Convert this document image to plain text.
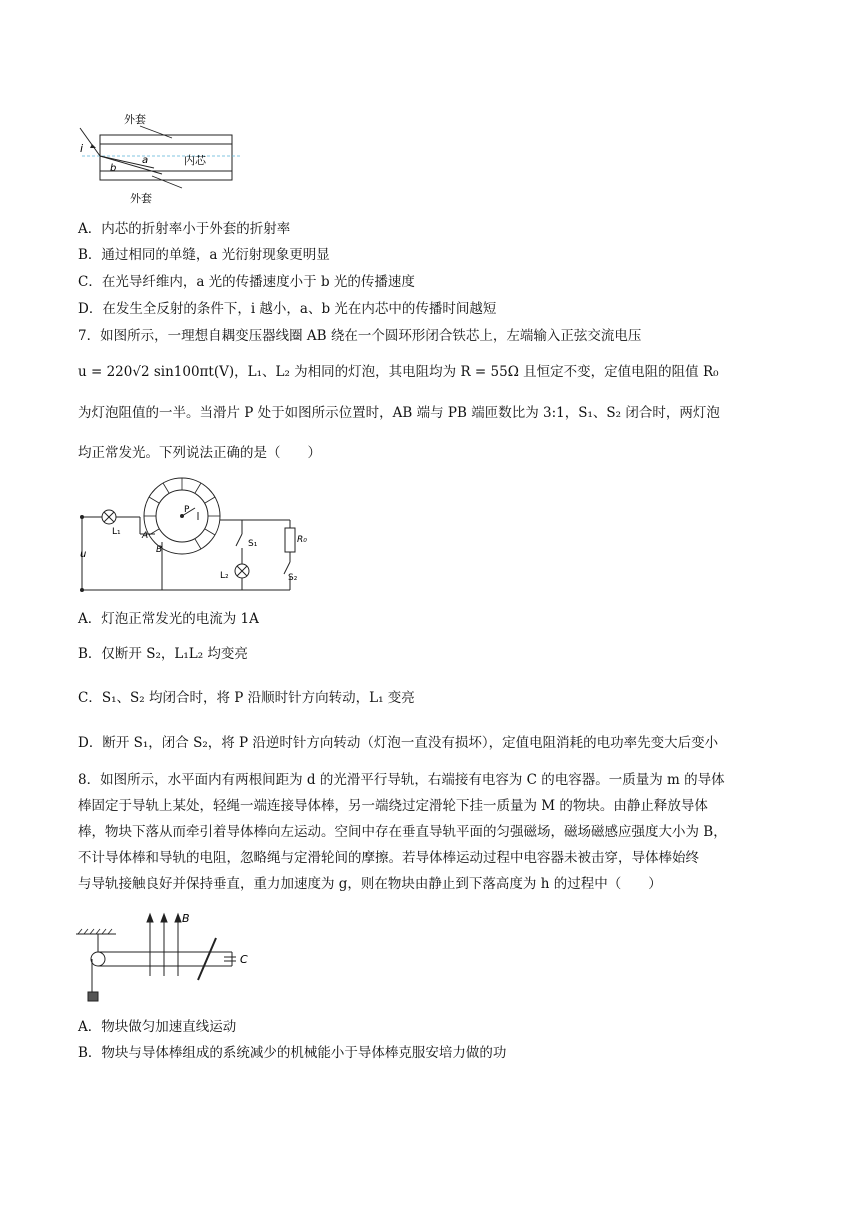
外套
i
a
b
内芯
外套
A．内芯的折射率小于外套的折射率
B．通过相同的单缝，a 光衍射现象更明显
C．在光导纤维内，a 光的传播速度小于 b 光的传播速度
D．在发生全反射的条件下，i 越小，a、b 光在内芯中的传播时间越短
7．如图所示，一理想自耦变压器线圈 AB 绕在一个圆环形闭合铁芯上，左端输入正弦交流电压
u = 220√2 sin100πt(V)，L₁、L₂ 为相同的灯泡，其电阻均为 R = 55Ω 且恒定不变，定值电阻的阻值 R₀
为灯泡阻值的一半。当滑片 P 处于如图所示位置时，AB 端与 PB 端匝数比为 3:1，S₁、S₂ 闭合时，两灯泡
均正常发光。下列说法正确的是（　　）
u
L₁
P
A
B
S₁
L₂
R₀
S₂
A．灯泡正常发光的电流为 1A
B．仅断开 S₂，L₁L₂ 均变亮
C．S₁、S₂ 均闭合时，将 P 沿顺时针方向转动，L₁ 变亮
D．断开 S₁，闭合 S₂，将 P 沿逆时针方向转动（灯泡一直没有损坏），定值电阻消耗的电功率先变大后变小
8．如图所示，水平面内有两根间距为 d 的光滑平行导轨，右端接有电容为 C 的电容器。一质量为 m 的导体
棒固定于导轨上某处，轻绳一端连接导体棒，另一端绕过定滑轮下挂一质量为 M 的物块。由静止释放导体
棒，物块下落从而牵引着导体棒向左运动。空间中存在垂直导轨平面的匀强磁场，磁场磁感应强度大小为 B，
不计导体棒和导轨的电阻，忽略绳与定滑轮间的摩擦。若导体棒运动过程中电容器未被击穿，导体棒始终
与导轨接触良好并保持垂直，重力加速度为 g，则在物块由静止到下落高度为 h 的过程中（　　）
C
B
A．物块做匀加速直线运动
B．物块与导体棒组成的系统减少的机械能小于导体棒克服安培力做的功
